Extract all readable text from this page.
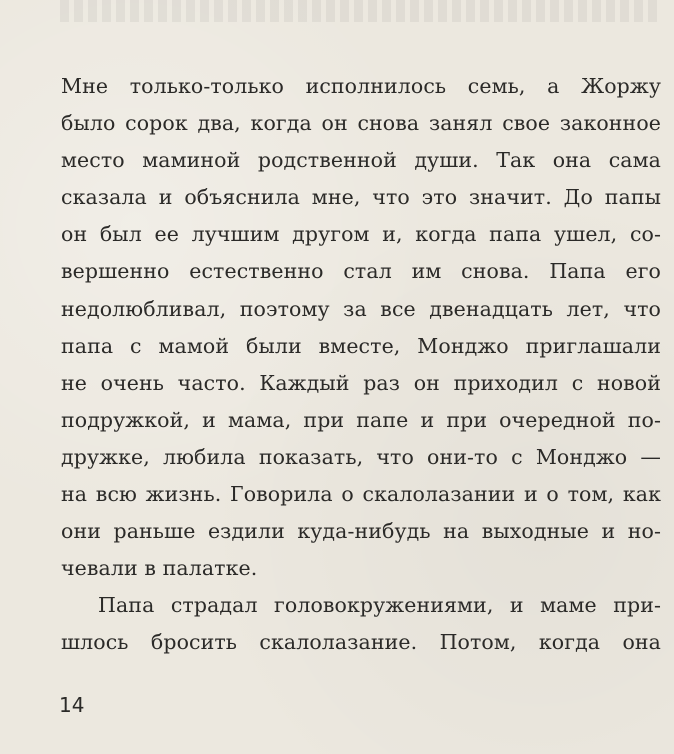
Мне только-только исполнилось семь, а Жоржу
было сорок два, когда он снова занял свое законное
место маминой родственной души. Так она сама
сказала и объяснила мне, что это значит. До папы
он был ее лучшим другом и, когда папа ушел, со-
вершенно естественно стал им снова. Папа его
недолюбливал, поэтому за все двенадцать лет, что
папа с мамой были вместе, Монджо приглашали
не очень часто. Каждый раз он приходил с новой
подружкой, и мама, при папе и при очередной по-
дружке, любила показать, что они-то с Монджо —
на всю жизнь. Говорила о скалолазании и о том, как
они раньше ездили куда-нибудь на выходные и но-
чевали в палатке.
Папа страдал головокружениями, и маме при-
шлось бросить скалолазание. Потом, когда она
14
